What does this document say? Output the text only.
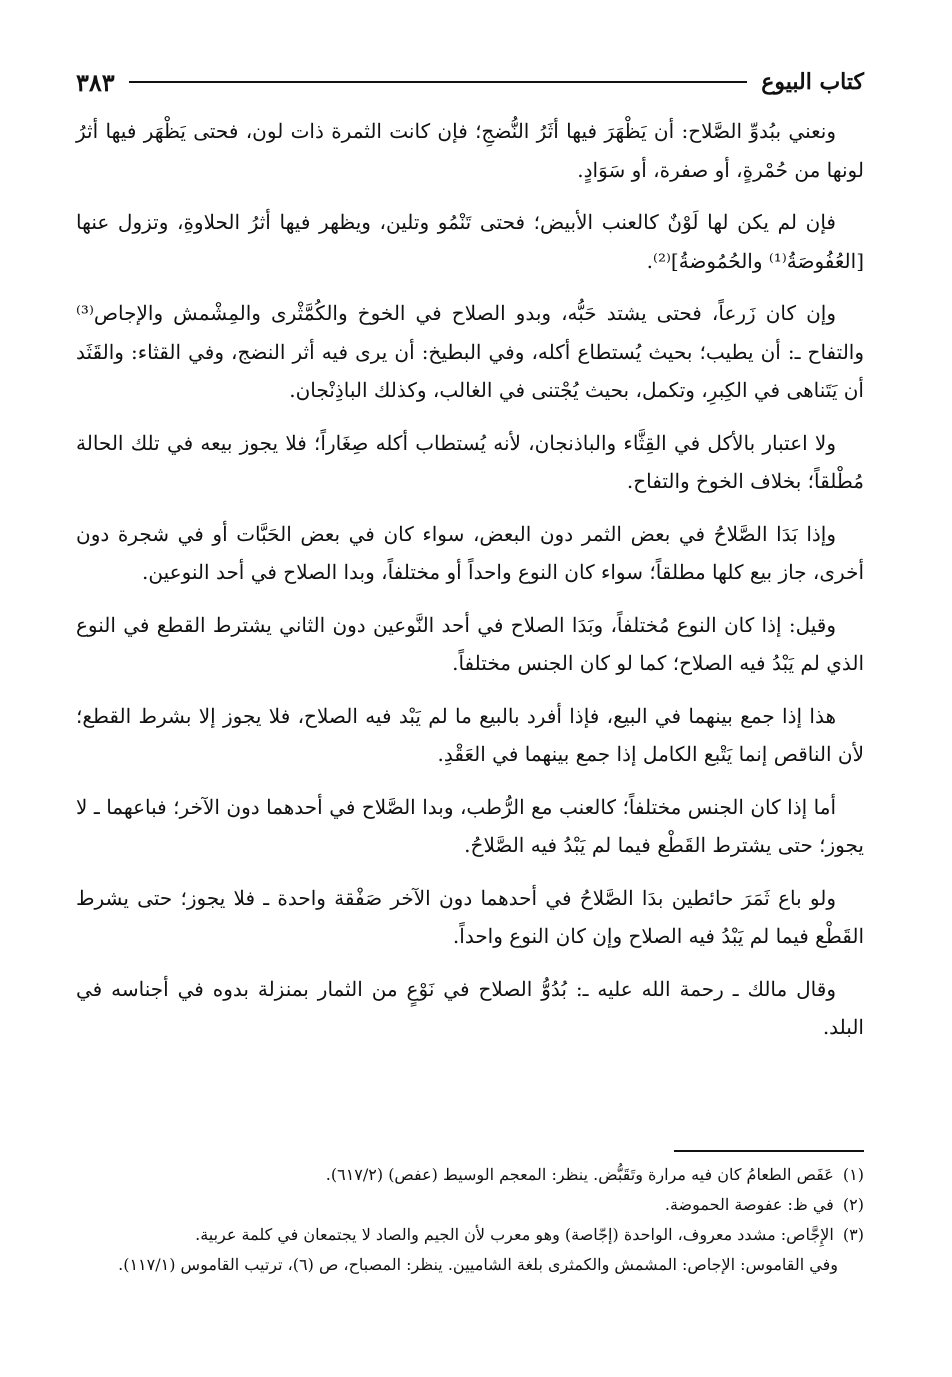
كتاب البيوع
٣٨٣

ونعني ببُدوِّ الصَّلاح: أن يَظْهَرَ فيها أثَرُ النُّضجِ؛ فإن كانت الثمرة ذات لون، فحتى يَظْهَر فيها أثرُ لونها من حُمْرةٍ، أو صفرة، أو سَوَادٍ.

فإن لم يكن لها لَوْنٌ كالعنب الأبيض؛ فحتى تَنْمُو وتلين، ويظهر فيها أثرُ الحلاوةِ، وتزول عنها [العُفُوصَةُ⁽¹⁾ والحُمُوضةُ]⁽²⁾.

وإن كان زَرعاً، فحتى يشتد حَبُّه، وبدو الصلاح في الخوخ والكُمَّثْرى والمِشْمش والإجاص⁽³⁾ والتفاح ـ: أن يطيب؛ بحيث يُستطاع أكله، وفي البطيخ: أن يرى فيه أثر النضج، وفي القثاء: والقَثَد أن يَتَناهى في الكِبرِ، وتكمل، بحيث يُجْتنى في الغالب، وكذلك الباذِنْجان.

ولا اعتبار بالأكل في القِثَّاء والباذنجان، لأنه يُستطاب أكله صِغَاراً؛ فلا يجوز بيعه في تلك الحالة مُطْلقاً؛ بخلاف الخوخ والتفاح.

وإذا بَدَا الصَّلاحُ في بعض الثمر دون البعض، سواء كان في بعض الحَبَّات أو في شجرة دون أخرى، جاز بيع كلها مطلقاً؛ سواء كان النوع واحداً أو مختلفاً، وبدا الصلاح في أحد النوعين.

وقيل: إذا كان النوع مُختلفاً، وبَدَا الصلاح في أحد النَّوعين دون الثاني يشترط القطع في النوع الذي لم يَبْدُ فيه الصلاح؛ كما لو كان الجنس مختلفاً.

هذا إذا جمع بينهما في البيع، فإذا أفرد بالبيع ما لم يَبْد فيه الصلاح، فلا يجوز إلا بشرط القطع؛ لأن الناقص إنما يَتْبع الكامل إذا جمع بينهما في العَقْدِ.

أما إذا كان الجنس مختلفاً؛ كالعنب مع الرُّطب، وبدا الصَّلاح في أحدهما دون الآخر؛ فباعهما ـ لا يجوز؛ حتى يشترط القَطْع فيما لم يَبْدُ فيه الصَّلاحُ.

ولو باع ثَمَرَ حائطين بدَا الصَّلاحُ في أحدهما دون الآخر صَفْقة واحدة ـ فلا يجوز؛ حتى يشرط القَطْع فيما لم يَبْدُ فيه الصلاح وإن كان النوع واحداً.

وقال مالك ـ رحمة الله عليه ـ: بُدُوُّ الصلاح في نَوْعٍ من الثمار بمنزلة بدوه في أجناسه في البلد.

(١) عَفَص الطعامُ كان فيه مرارة وتَقَبُّض. ينظر: المعجم الوسيط (عفص) (٦١٧/٢).
(٢) في ظ: عفوصة الحموضة.
(٣) الإِجَّاص: مشدد معروف، الواحدة (إجّاصة) وهو معرب لأن الجيم والصاد لا يجتمعان في كلمة عربية.

وفي القاموس: الإجاص: المشمش والكمثرى بلغة الشاميين. ينظر: المصباح، ص (٦)، ترتيب القاموس (١١٧/١).
